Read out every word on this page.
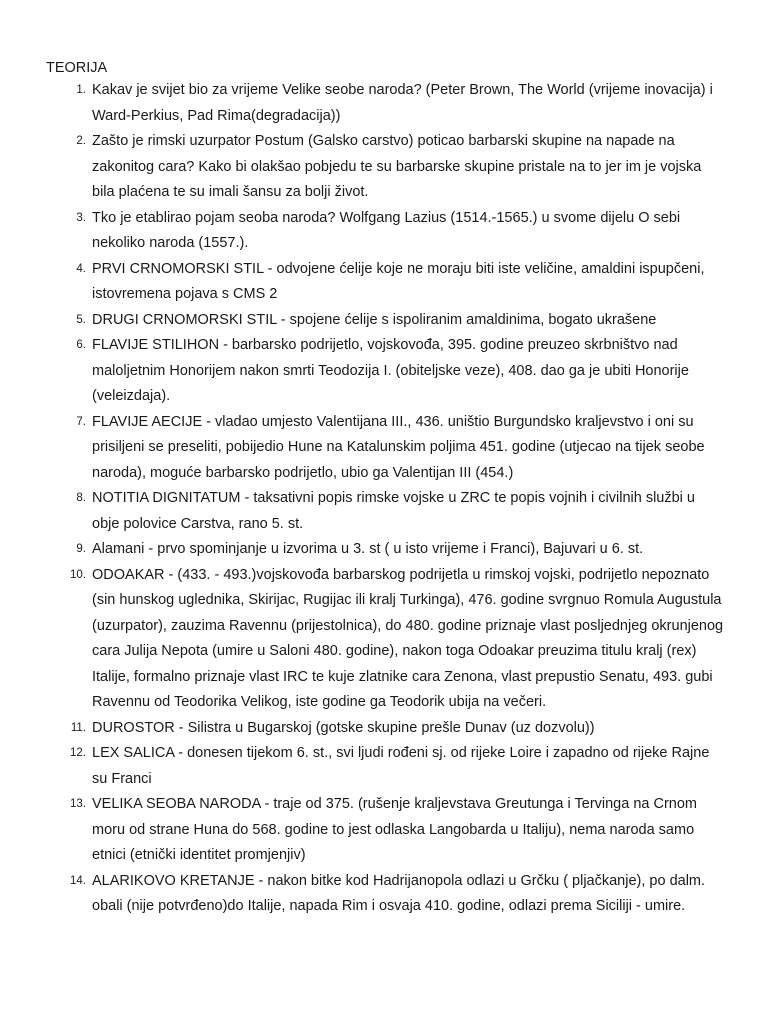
TEORIJA

1. Kakav je svijet bio za vrijeme Velike seobe naroda? (Peter Brown, The World (vrijeme inovacija) i Ward-Perkius, Pad Rima(degradacija))
2. Zašto je rimski uzurpator Postum (Galsko carstvo) poticao barbarski skupine na napade na zakonitog cara? Kako bi olakšao pobjedu te su barbarske skupine pristale na to jer im je vojska bila plaćena te su imali šansu za bolji život.
3. Tko je etablirao pojam seoba naroda? Wolfgang Lazius (1514.-1565.) u svome dijelu O sebi nekoliko naroda (1557.).
4. PRVI CRNOMORSKI STIL - odvojene ćelije koje ne moraju biti iste veličine, amaldini ispupčeni, istovremena pojava s CMS 2
5. DRUGI CRNOMORSKI STIL - spojene ćelije s ispoliranim amaldinima, bogato ukrašene
6. FLAVIJE STILIHON - barbarsko podrijetlo, vojskovođa, 395. godine preuzeo skrbništvo nad maloljetnim Honorijem nakon smrti Teodozija I. (obiteljske veze), 408. dao ga je ubiti Honorije (veleizdaja).
7. FLAVIJE AECIJE - vladao umjesto Valentijana III., 436. uništio Burgundsko kraljevstvo i oni su prisiljeni se preseliti, pobijedio Hune na Katalunskim poljima 451. godine (utjecao na tijek seobe naroda), moguće barbarsko podrijetlo, ubio ga Valentijan III (454.)
8. NOTITIA DIGNITATUM - taksativni popis rimske vojske u ZRC te popis vojnih i civilnih službi u obje polovice Carstva, rano 5. st.
9. Alamani - prvo spominjanje u izvorima u 3. st ( u isto vrijeme i Franci), Bajuvari u 6. st.
10. ODOAKAR - (433. - 493.)vojskovođa barbarskog podrijetla u rimskoj vojski, podrijetlo nepoznato (sin hunskog uglednika, Skirijac, Rugijac ili kralj Turkinga), 476. godine svrgnuo Romula Augustula (uzurpator), zauzima Ravennu (prijestolnica), do 480. godine priznaje vlast posljednjeg okrunjenog cara Julija Nepota (umire u Saloni 480. godine), nakon toga Odoakar preuzima titulu kralj (rex) Italije, formalno priznaje vlast IRC te kuje zlatnike cara Zenona, vlast prepustio Senatu, 493. gubi Ravennu od Teodorika Velikog, iste godine ga Teodorik ubija na večeri.
11. DUROSTOR - Silistra u Bugarskoj (gotske skupine prešle Dunav (uz dozvolu))
12. LEX SALICA - donesen tijekom 6. st., svi ljudi rođeni sj. od rijeke Loire i zapadno od rijeke Rajne su Franci
13. VELIKA SEOBA NARODA - traje od 375. (rušenje kraljevstava Greutunga i Tervinga na Crnom moru od strane Huna do 568. godine to jest odlaska Langobarda u Italiju), nema naroda samo etnici (etnički identitet promjenjiv)
14. ALARIKOVO KRETANJE - nakon bitke kod Hadrijanopola odlazi u Grčku ( pljačkanje), po dalm. obali (nije potvrđeno)do Italije, napada Rim i osvaja 410. godine, odlazi prema Siciliji - umire.
